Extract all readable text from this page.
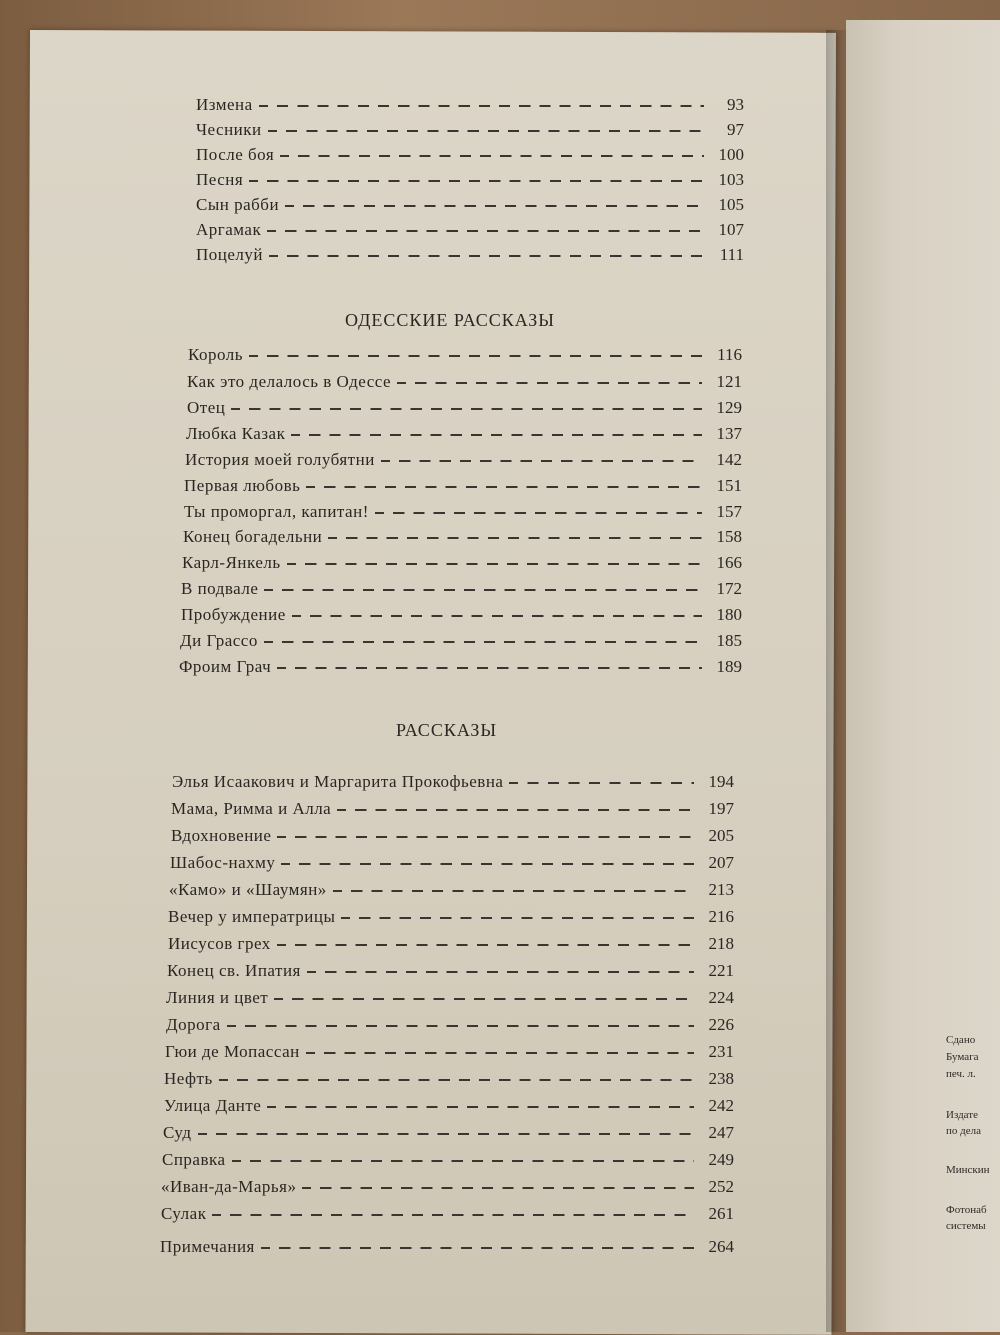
Измена	93
Чесники	97
После боя	100
Песня	103
Сын рабби	105
Аргамак	107
Поцелуй	111
ОДЕССКИЕ РАССКАЗЫ
Король	116
Как это делалось в Одессе	121
Отец	129
Любка Казак	137
История моей голубятни	142
Первая любовь	151
Ты проморгал, капитан!	157
Конец богадельни	158
Карл-Янкель	166
В подвале	172
Пробуждение	180
Ди Грассо	185
Фроим Грач	189
РАССКАЗЫ
Элья Исаакович и Маргарита Прокофьевна	194
Мама, Римма и Алла	197
Вдохновение	205
Шабос-нахму	207
«Камо» и «Шаумян»	213
Вечер у императрицы	216
Иисусов грех	218
Конец св. Ипатия	221
Линия и цвет	224
Дорога	226
Гюи де Мопассан	231
Нефть	238
Улица Данте	242
Суд	247
Справка	249
«Иван-да-Марья»	252
Сулак	261
Примечания	264
Сдано
Бумага
печ. л.
Издате
по дела
Минскин
Фотонаб
системы
